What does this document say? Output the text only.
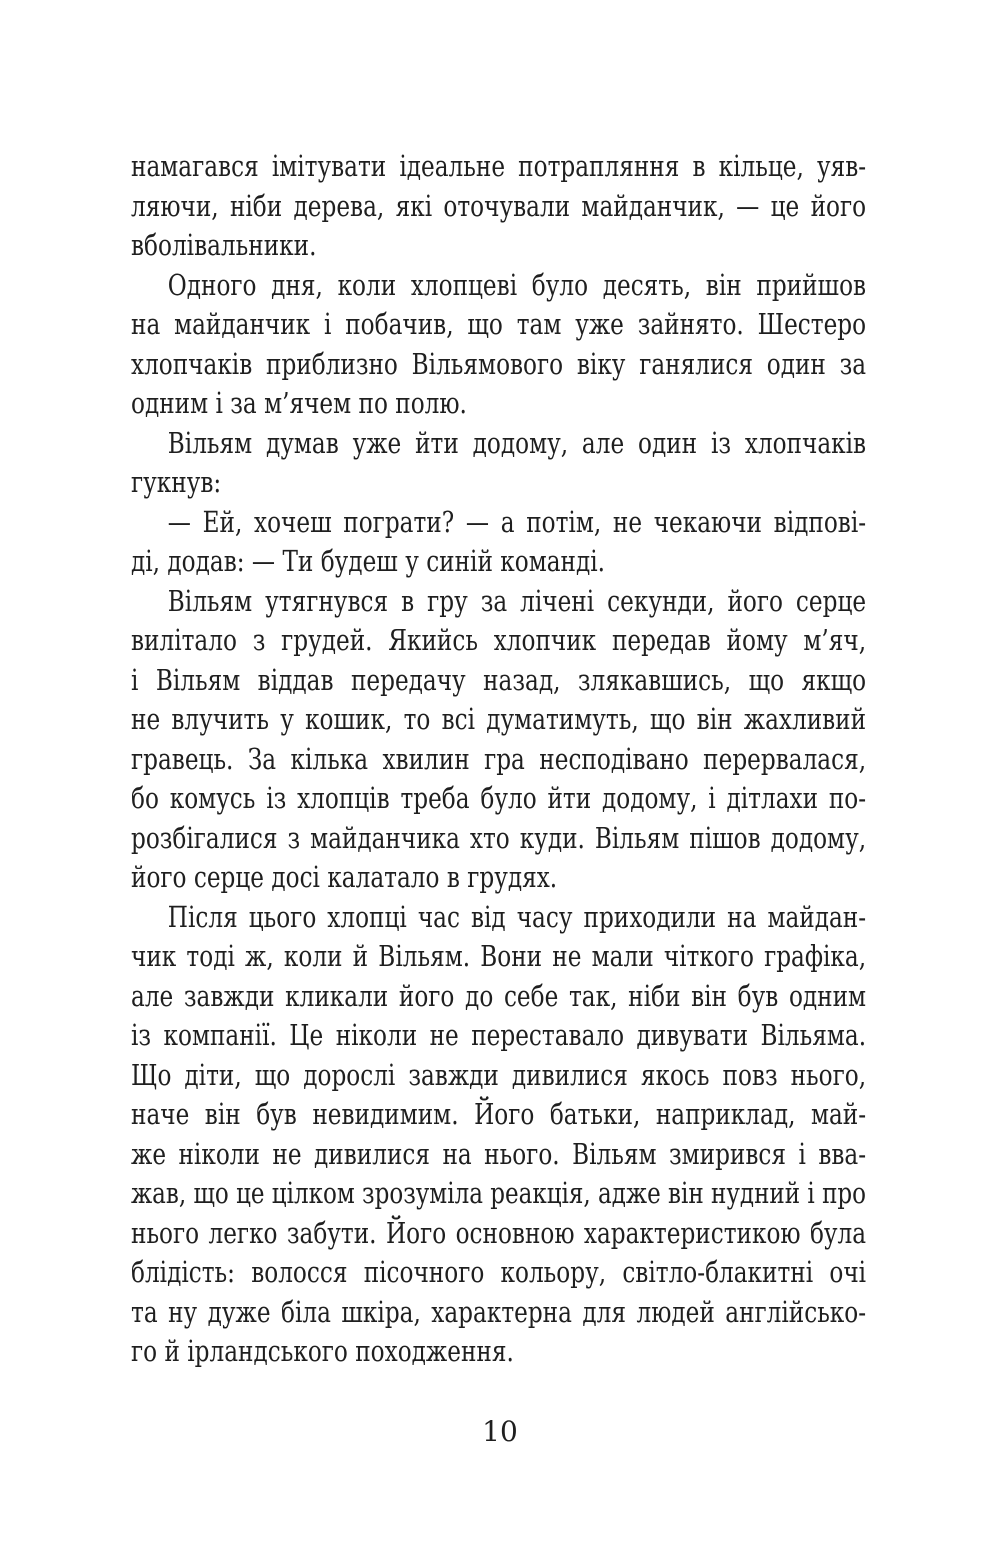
намагався імітувати ідеальне потрапляння в кільце, уяв-
ляючи, ніби дерева, які оточували майданчик, — це його
вболівальники.
Одного дня, коли хлопцеві було десять, він прийшов
на майданчик і побачив, що там уже зайнято. Шестеро
хлопчаків приблизно Вільямового віку ганялися один за
одним і за м’ячем по полю.
Вільям думав уже йти додому, але один із хлопчаків
гукнув:
— Ей, хочеш пограти? — а потім, не чекаючи відпові-
ді, додав: — Ти будеш у синій команді.
Вільям утягнувся в гру за лічені секунди, його серце
вилітало з грудей. Якийсь хлопчик передав йому м’яч,
і Вільям віддав передачу назад, злякавшись, що якщо
не влучить у кошик, то всі думатимуть, що він жахливий
гравець. За кілька хвилин гра несподівано перервалася,
бо комусь із хлопців треба було йти додому, і дітлахи по-
розбігалися з майданчика хто куди. Вільям пішов додому,
його серце досі калатало в грудях.
Після цього хлопці час від часу приходили на майдан-
чик тоді ж, коли й Вільям. Вони не мали чіткого графіка,
але завжди кликали його до себе так, ніби він був одним
із компанії. Це ніколи не переставало дивувати Вільяма.
Що діти, що дорослі завжди дивилися якось повз нього,
наче він був невидимим. Його батьки, наприклад, май-
же ніколи не дивилися на нього. Вільям змирився і вва-
жав, що це цілком зрозуміла реакція, адже він нудний і про
нього легко забути. Його основною характеристикою була
блідість: волосся пісочного кольору, світло-блакитні очі
та ну дуже біла шкіра, характерна для людей англійсько-
го й ірландського походження.
10
